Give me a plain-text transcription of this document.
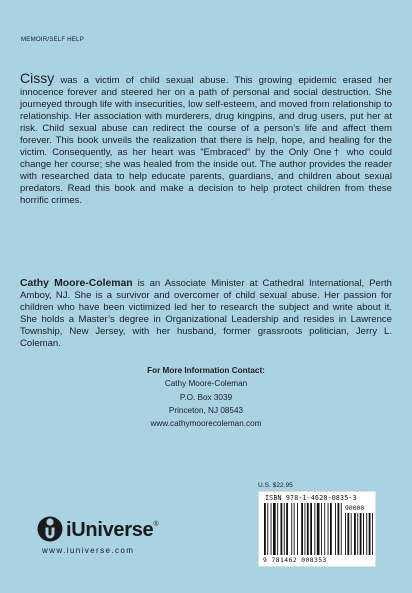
MEMOIR/SELF HELP

Cissy was a victim of child sexual abuse. This growing epidemic erased her innocence forever and steered her on a path of personal and social destruction. She journeyed through life with insecurities, low self-esteem, and moved from relationship to relationship. Her association with murderers, drug kingpins, and drug users, put her at risk. Child sexual abuse can redirect the course of a person’s life and affect them forever. This book unveils the realization that there is help, hope, and healing for the victim. Consequently, as her heart was “Embraced” by the Only One† who could change her course; she was healed from the inside out. The author provides the reader with researched data to help educate parents, guardians, and children about sexual predators. Read this book and make a decision to help protect children from these horrific crimes.

Cathy Moore-Coleman is an Associate Minister at Cathedral International, Perth Amboy, NJ. She is a survivor and overcomer of child sexual abuse. Her passion for children who have been victimized led her to research the subject and write about it. She holds a Master’s degree in Organizational Leadership and resides in Lawrence Township, New Jersey, with her husband, former grassroots politician, Jerry L. Coleman.

For More Information Contact:
Cathy Moore-Coleman
P.O. Box 3039
Princeton, NJ 08543
www.cathymoorecoleman.com
U.S. $22.95
ISBN 978-1-4620-0835-3
9 781462 008353
90000
iUniverse®
www.iuniverse.com
